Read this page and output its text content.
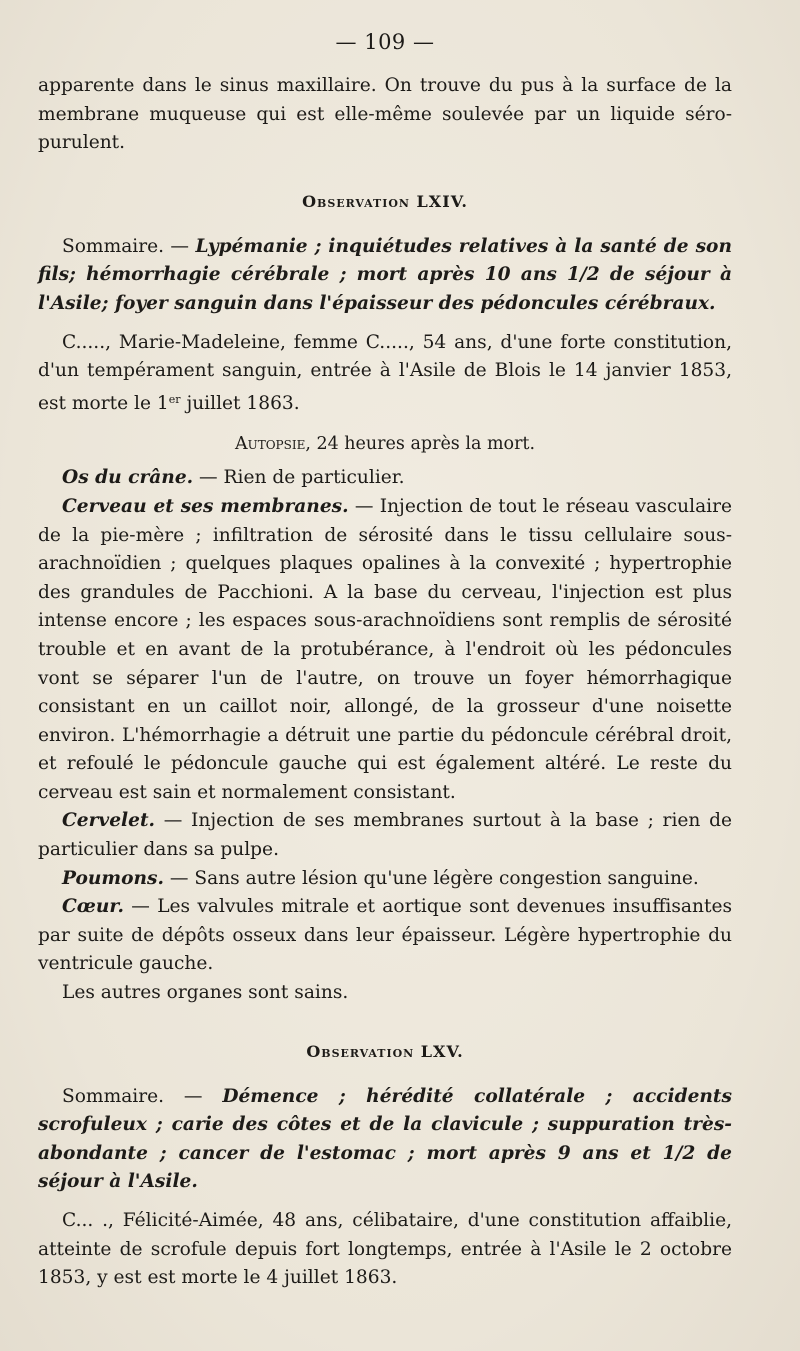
— 109 —

apparente dans le sinus maxillaire. On trouve du pus à la surface de la membrane muqueuse qui est elle-même soulevée par un liquide séro-purulent.

Observation LXIV.

Sommaire. — Lypémanie ; inquiétudes relatives à la santé de son fils; hémorrhagie cérébrale ; mort après 10 ans 1/2 de séjour à l'Asile; foyer sanguin dans l'épaisseur des pédoncules cérébraux.

C....., Marie-Madeleine, femme C....., 54 ans, d'une forte constitution, d'un tempérament sanguin, entrée à l'Asile de Blois le 14 janvier 1853, est morte le 1er juillet 1863.

Autopsie, 24 heures après la mort.

Os du crâne. — Rien de particulier.

Cerveau et ses membranes. — Injection de tout le réseau vasculaire de la pie-mère ; infiltration de sérosité dans le tissu cellulaire sous-arachnoïdien ; quelques plaques opalines à la convexité ; hypertrophie des grandules de Pacchioni. A la base du cerveau, l'injection est plus intense encore ; les espaces sous-arachnoïdiens sont remplis de sérosité trouble et en avant de la protubérance, à l'endroit où les pédoncules vont se séparer l'un de l'autre, on trouve un foyer hémorrhagique consistant en un caillot noir, allongé, de la grosseur d'une noisette environ. L'hémorrhagie a détruit une partie du pédoncule cérébral droit, et refoulé le pédoncule gauche qui est également altéré. Le reste du cerveau est sain et normalement consistant.

Cervelet. — Injection de ses membranes surtout à la base ; rien de particulier dans sa pulpe.

Poumons. — Sans autre lésion qu'une légère congestion sanguine.

Cœur. — Les valvules mitrale et aortique sont devenues insuffisantes par suite de dépôts osseux dans leur épaisseur. Légère hypertrophie du ventricule gauche.

Les autres organes sont sains.

Observation LXV.

Sommaire. — Démence ; hérédité collatérale ; accidents scrofuleux ; carie des côtes et de la clavicule ; suppuration très-abondante ; cancer de l'estomac ; mort après 9 ans et 1/2 de séjour à l'Asile.

C... ., Félicité-Aimée, 48 ans, célibataire, d'une constitution affaiblie, atteinte de scrofule depuis fort longtemps, entrée à l'Asile le 2 octobre 1853, y est est morte le 4 juillet 1863.
